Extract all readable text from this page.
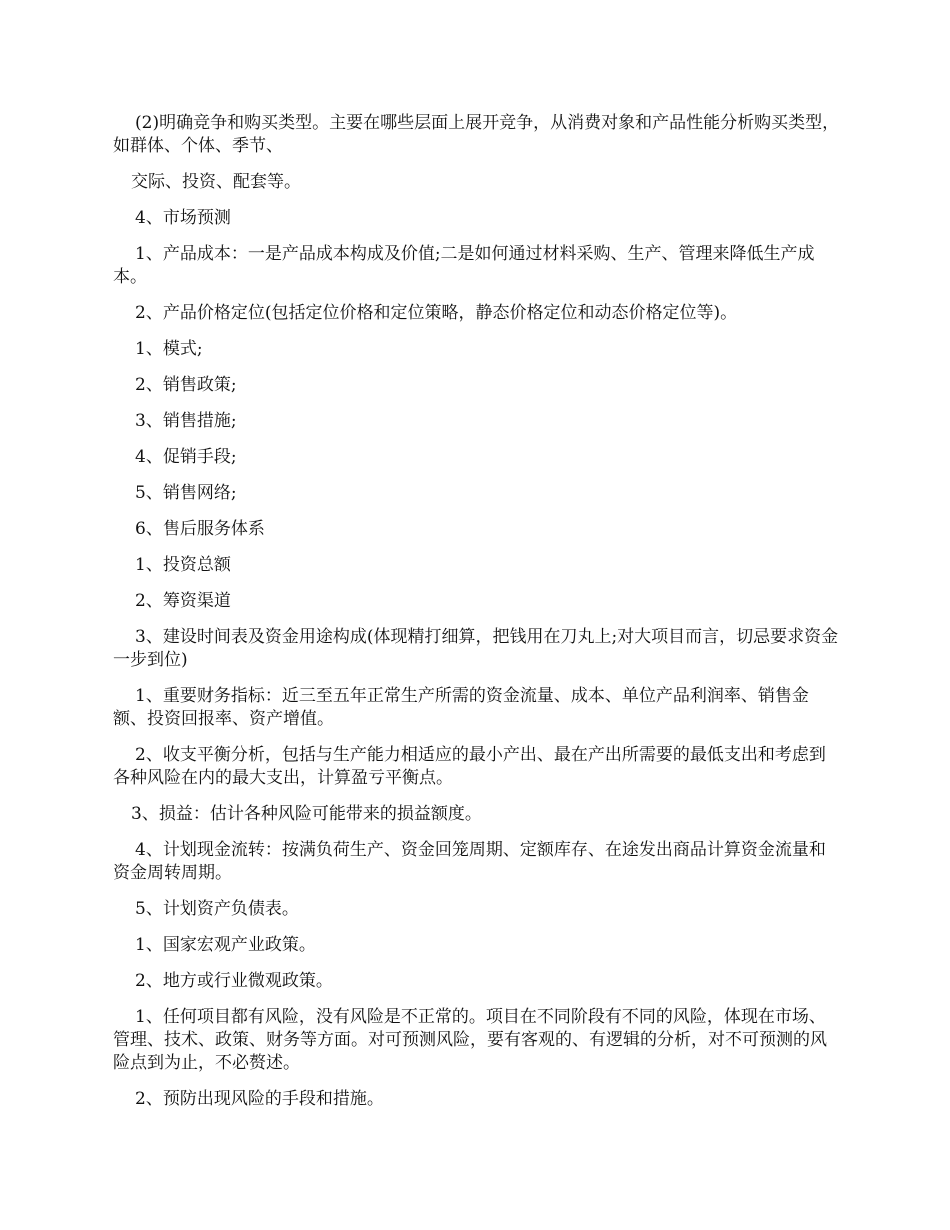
(2)明确竞争和购买类型。主要在哪些层面上展开竞争，从消费对象和产品性能分析购买类型，如群体、个体、季节、

交际、投资、配套等。

4、市场预测

1、产品成本：一是产品成本构成及价值;二是如何通过材料采购、生产、管理来降低生产成本。

2、产品价格定位(包括定位价格和定位策略，静态价格定位和动态价格定位等)。

1、模式;

2、销售政策;

3、销售措施;

4、促销手段;

5、销售网络;

6、售后服务体系

1、投资总额

2、筹资渠道

3、建设时间表及资金用途构成(体现精打细算，把钱用在刀丸上;对大项目而言，切忌要求资金一步到位)

1、重要财务指标：近三至五年正常生产所需的资金流量、成本、单位产品利润率、销售金额、投资回报率、资产增值。

2、收支平衡分析，包括与生产能力相适应的最小产出、最在产出所需要的最低支出和考虑到各种风险在内的最大支出，计算盈亏平衡点。

3、损益：估计各种风险可能带来的损益额度。

4、计划现金流转：按满负荷生产、资金回笼周期、定额库存、在途发出商品计算资金流量和资金周转周期。

5、计划资产负债表。

1、国家宏观产业政策。

2、地方或行业微观政策。

1、任何项目都有风险，没有风险是不正常的。项目在不同阶段有不同的风险，体现在市场、管理、技术、政策、财务等方面。对可预测风险，要有客观的、有逻辑的分析，对不可预测的风险点到为止，不必赘述。

2、预防出现风险的手段和措施。
